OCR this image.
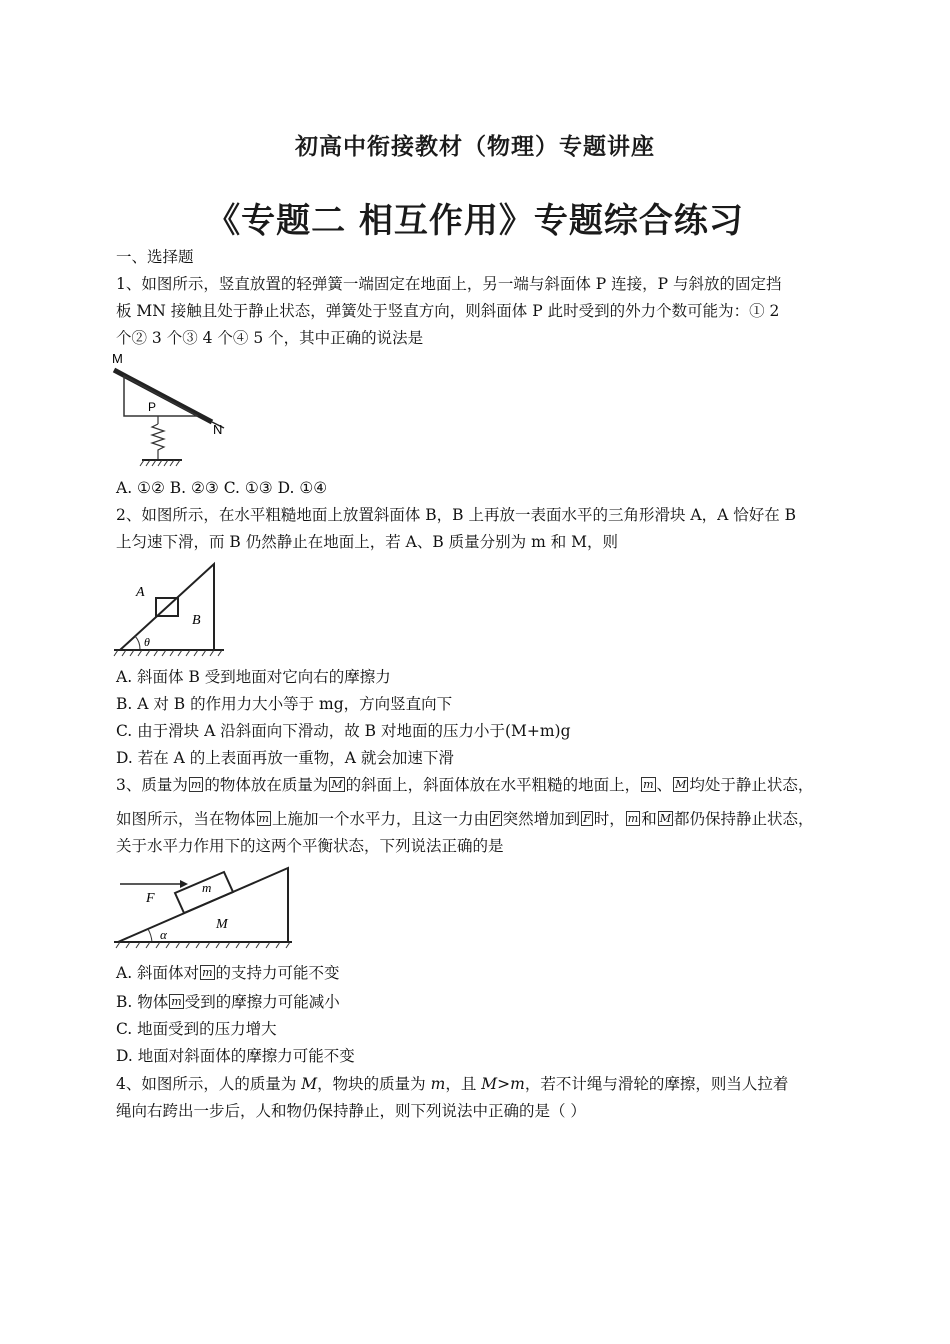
初高中衔接教材（物理）专题讲座
《专题二 相互作用》专题综合练习
一、选择题
1、如图所示，竖直放置的轻弹簧一端固定在地面上，另一端与斜面体 P 连接，P 与斜放的固定挡
板 MN 接触且处于静止状态，弹簧处于竖直方向，则斜面体 P 此时受到的外力个数可能为：① 2
个② 3 个③ 4 个④ 5 个，其中正确的说法是
M
P
N
A. ①② B. ②③ C. ①③ D. ①④
2、如图所示，在水平粗糙地面上放置斜面体 B，B 上再放一表面水平的三角形滑块 A，A 恰好在 B
上匀速下滑，而 B 仍然静止在地面上，若 A、B 质量分别为 m 和 M，则
A
B
θ
A. 斜面体 B 受到地面对它向右的摩擦力
B. A 对 B 的作用力大小等于 mg，方向竖直向下
C. 由于滑块 A 沿斜面向下滑动，故 B 对地面的压力小于(M+m)g
D. 若在 A 的上表面再放一重物，A 就会加速下滑
3、质量为 m 的物体放在质量为 M 的斜面上，斜面体放在水平粗糙的地面上， m 、 M 均处于静止状态，
如图所示，当在物体 m 上施加一个水平力，且这一力由 F 突然增加到 F 时， m 和 M 都仍保持静止状态，
关于水平力作用下的这两个平衡状态，下列说法正确的是
m
F
M
α
A. 斜面体对 m 的支持力可能不变
B. 物体 m 受到的摩擦力可能减小
C. 地面受到的压力增大
D. 地面对斜面体的摩擦力可能不变
4、如图所示，人的质量为 M，物块的质量为 m，且 M>m，若不计绳与滑轮的摩擦，则当人拉着
绳向右跨出一步后，人和物仍保持静止，则下列说法中正确的是（ ）
